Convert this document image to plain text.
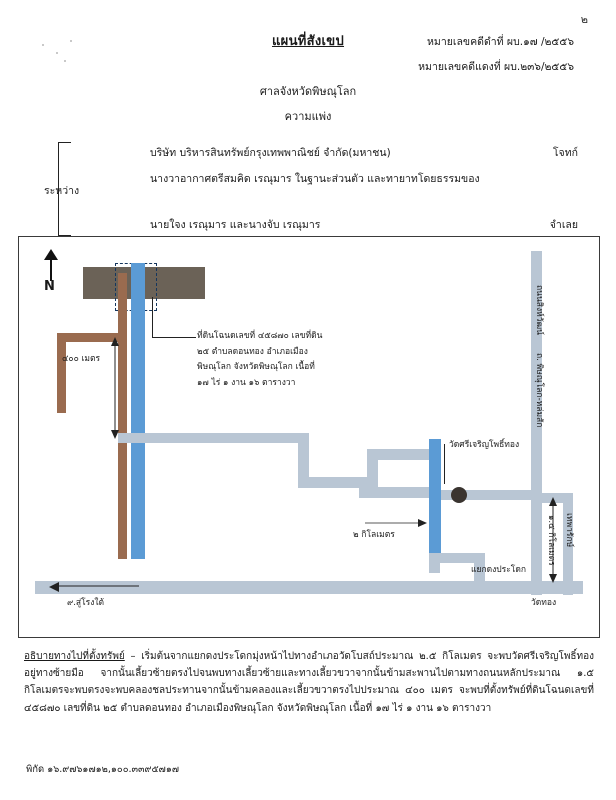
๒
แผนที่สังเขป	หมายเลขคดีดำที่ ผบ.๑๗ /๒๕๕๖
หมายเลขคดีแดงที่ ผบ.๒๓๖/๒๕๕๖
ศาลจังหวัดพิษณุโลก
ความแพ่ง
ระหว่าง
บริษัท บริหารสินทรัพย์กรุงเทพพาณิชย์ จำกัด(มหาชน)	โจทก์
นางวาอากาศตรีสมคิด เรณุมาร ในฐานะส่วนตัว และทายาทโดยธรรมของ
นายใจง เรณุมาร และนางจับ เรณุมาร	จำเลย
N
๔๐๐ เมตร
ที่ดินโฉนดเลขที่ ๔๕๘๗๐ เลขที่ดิน
๒๕ ตำบลดอนทอง อำเภอเมือง
พิษณุโลก จังหวัดพิษณุโลก เนื้อที่
๑๗ ไร่ ๑ งาน ๑๖ ตารางวา
วัดศรีเจริญโพธิ์ทอง
๒ กิโลเมตร
แยกดงประโดก
๙.สู่โรงใต้	วัดทอง
ถนนสิงห์วัฒน์
ถ. พิษณุโลก-หล่มสัก
เทพารักษ์
๑.๕ กิโลเมตร
อธิบายทางไปที่ตั้งทรัพย์ – เริ่มต้นจากแยกดงประโดกมุ่งหน้าไปทางอำเภอวัดโบสถ์ประมาณ ๒.๕ กิโลเมตร จะพบวัดศรีเจริญโพธิ์ทอง อยู่ทางซ้ายมือ จากนั้นเลี้ยวซ้ายตรงไปจนพบทางเลี้ยวซ้ายและทางเลี้ยวขวาจากนั้นข้ามสะพานไปตามทางถนนหลักประมาณ ๑.๕ กิโลเมตรจะพบตรงจะพบคลองชลประทานจากนั้นข้ามคลองและเลี้ยวขวาตรงไปประมาณ ๔๐๐ เมตร จะพบที่ตั้งทรัพย์ที่ดินโฉนดเลขที่ ๔๕๘๗๐ เลขที่ดิน ๒๕ ตำบลดอนทอง อำเภอเมืองพิษณุโลก จังหวัดพิษณุโลก เนื้อที่ ๑๗ ไร่ ๑ งาน ๑๖ ตารางวา
พิกัด ๑๖.๙๗๖๑๗๑๒,๑๐๐.๓๓๙๕๗๑๗
